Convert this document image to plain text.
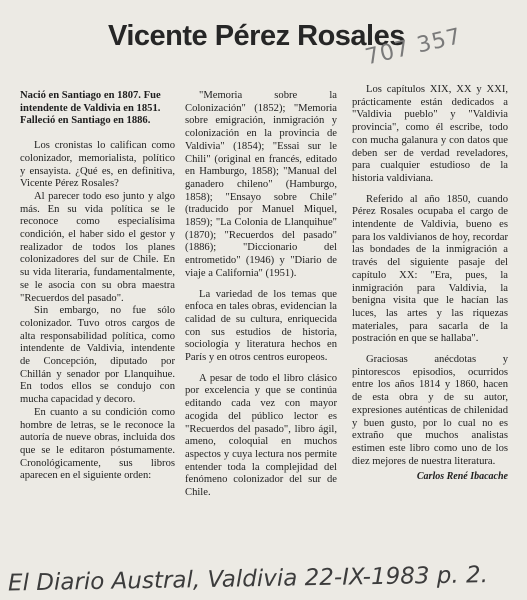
Vicente Pérez Rosales
707 357

Nació en Santiago en 1807. Fue intendente de Valdivia en 1851. Falleció en Santiago en 1886.

Los cronistas lo califican como colonizador, memorialista, político y ensayista. ¿Qué es, en definitiva, Vicente Pérez Rosales?

Al parecer todo eso junto y algo más. En su vida política se le reconoce como especialísima condición, el haber sido el gestor y realizador de todos los planes colonizadores del sur de Chile. En su vida literaria, fundamentalmente, se le asocia con su obra maestra "Recuerdos del pasado".

Sin embargo, no fue sólo colonizador. Tuvo otros cargos de alta responsabilidad política, como intendente de Valdivia, intendente de Concepción, diputado por Chillán y senador por Llanquihue. En todos ellos se condujo con mucha capacidad y decoro.

En cuanto a su condición como hombre de letras, se le reconoce la autoría de nueve obras, incluida dos que se le editaron póstumamente. Cronológicamente, sus libros aparecen en el siguiente orden:

"Memoria sobre la Colonización" (1852); "Memoria sobre emigración, inmigración y colonización en la provincia de Valdivia" (1854); "Essai sur le Chili" (original en francés, editado en Hamburgo, 1858); "Manual del ganadero chileno" (Hamburgo, 1858); "Ensayo sobre Chile" (traducido por Manuel Miquel, 1859); "La Colonia de Llanquihue" (1870); "Recuerdos del pasado" (1886); "Diccionario del entrometido" (1946) y "Diario de viaje a California" (1951).

La variedad de los temas que enfoca en tales obras, evidencian la calidad de su cultura, enriquecida con sus estudios de historia, sociología y literatura hechos en París y en otros centros europeos.

A pesar de todo el libro clásico por excelencia y que se continúa editando cada vez con mayor acogida del público lector es "Recuerdos del pasado", libro ágil, ameno, coloquial en muchos aspectos y cuya lectura nos permite entender toda la complejidad del fenómeno colonizador del sur de Chile.

Los capítulos XIX, XX y XXI, prácticamente están dedicados a "Valdivia pueblo" y "Valdivia provincia", como él escribe, todo con mucha galanura y con datos que deben ser de verdad reveladores, para cualquier estudioso de la historia valdiviana.

Referido al año 1850, cuando Pérez Rosales ocupaba el cargo de intendente de Valdivia, bueno es para los valdivianos de hoy, recordar las bondades de la inmigración a través del siguiente pasaje del capítulo XX: "Era, pues, la inmigración para Valdivia, la benigna visita que le hacían las luces, las artes y las riquezas materiales, para sacarla de la postración en que se hallaba".

Graciosas anécdotas y pintorescos episodios, ocurridos entre los años 1814 y 1860, hacen de esta obra y de su autor, expresiones auténticas de chilenidad y buen gusto, por lo cual no es extraño que muchos analistas estimen este libro como uno de los diez mejores de nuestra literatura.

Carlos René Ibacache

El Diario Austral, Valdivia 22-IX-1983 p. 2.
